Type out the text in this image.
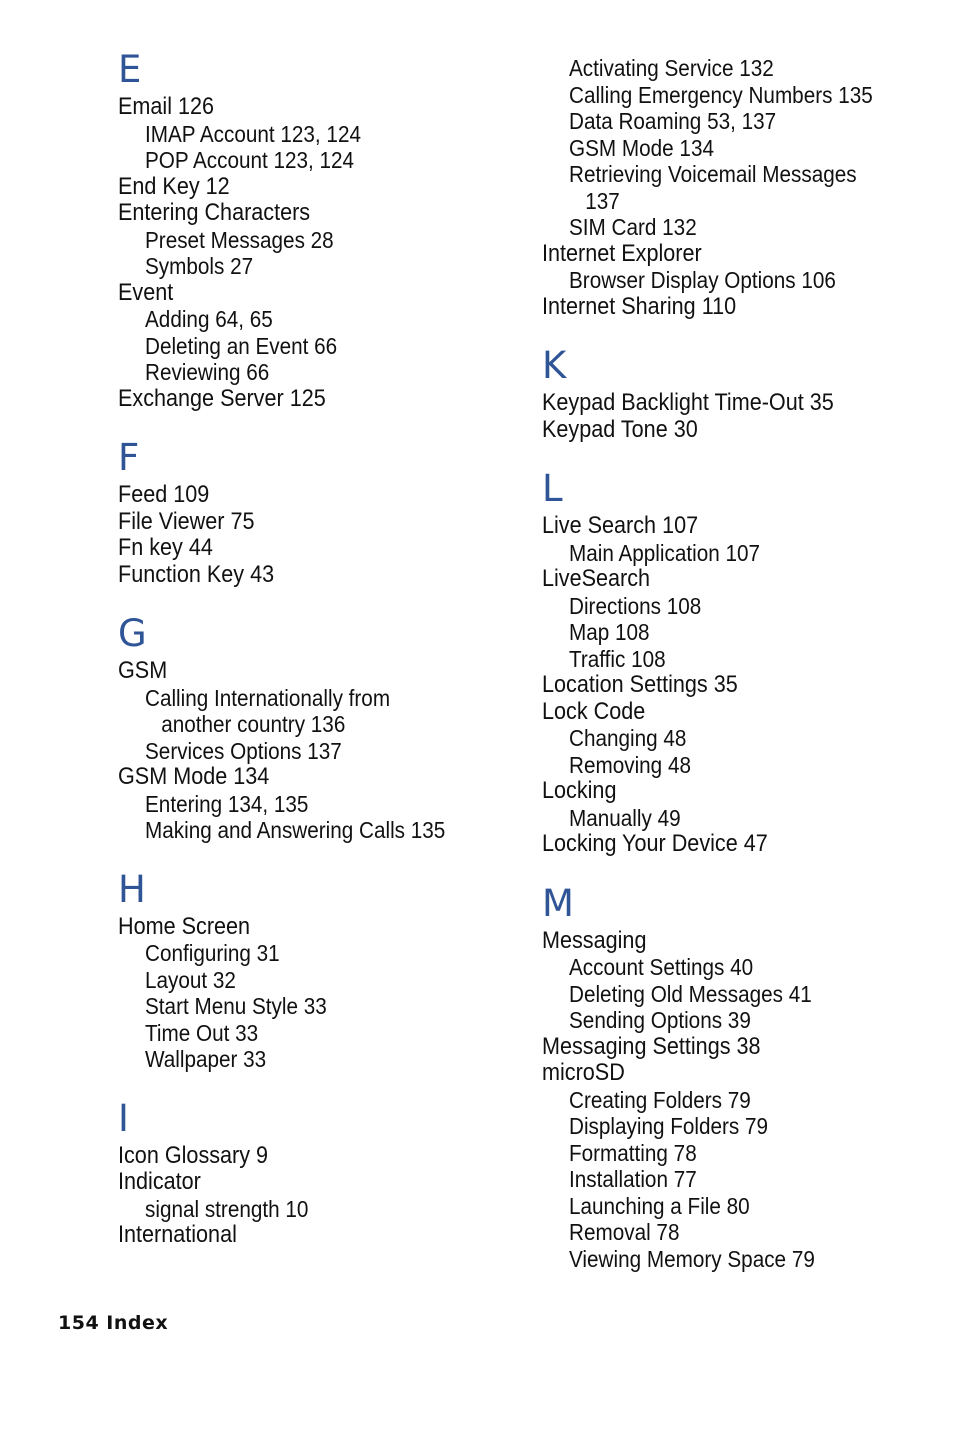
E
Email 126
IMAP Account 123, 124
POP Account 123, 124
End Key 12
Entering Characters
Preset Messages 28
Symbols 27
Event
Adding 64, 65
Deleting an Event 66
Reviewing 66
Exchange Server 125
F
Feed 109
File Viewer 75
Fn key 44
Function Key 43
G
GSM
Calling Internationally from
another country 136
Services Options 137
GSM Mode 134
Entering 134, 135
Making and Answering Calls 135
H
Home Screen
Configuring 31
Layout 32
Start Menu Style 33
Time Out 33
Wallpaper 33
I
Icon Glossary 9
Indicator
signal strength 10
International
Activating Service 132
Calling Emergency Numbers 135
Data Roaming 53, 137
GSM Mode 134
Retrieving Voicemail Messages
137
SIM Card 132
Internet Explorer
Browser Display Options 106
Internet Sharing 110
K
Keypad Backlight Time-Out 35
Keypad Tone 30
L
Live Search 107
Main Application 107
LiveSearch
Directions 108
Map 108
Traffic 108
Location Settings 35
Lock Code
Changing 48
Removing 48
Locking
Manually 49
Locking Your Device 47
M
Messaging
Account Settings 40
Deleting Old Messages 41
Sending Options 39
Messaging Settings 38
microSD
Creating Folders 79
Displaying Folders 79
Formatting 78
Installation 77
Launching a File 80
Removal 78
Viewing Memory Space 79
154 Index
